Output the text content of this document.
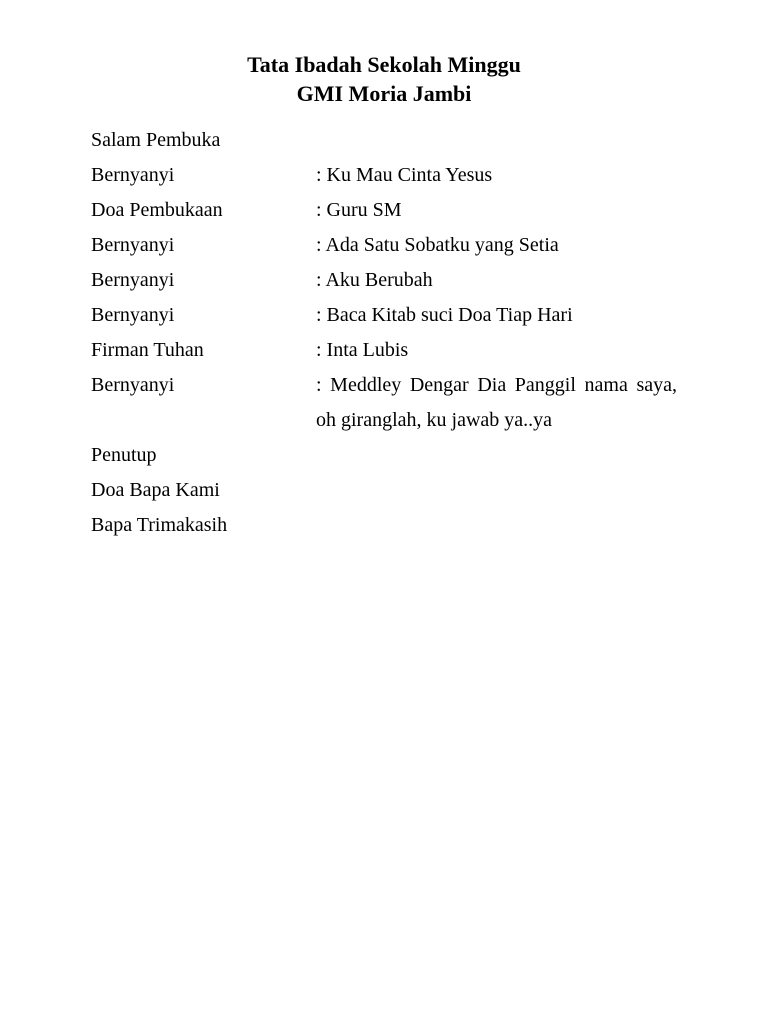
Tata Ibadah Sekolah Minggu
GMI Moria Jambi
Salam Pembuka
Bernyanyi	: Ku Mau Cinta Yesus
Doa Pembukaan	: Guru SM
Bernyanyi	: Ada Satu Sobatku yang Setia
Bernyanyi	: Aku Berubah
Bernyanyi	: Baca Kitab suci Doa Tiap Hari
Firman Tuhan	: Inta Lubis
Bernyanyi	: Meddley Dengar Dia Panggil nama saya, oh giranglah, ku jawab ya..ya
Penutup
Doa Bapa Kami
Bapa Trimakasih
